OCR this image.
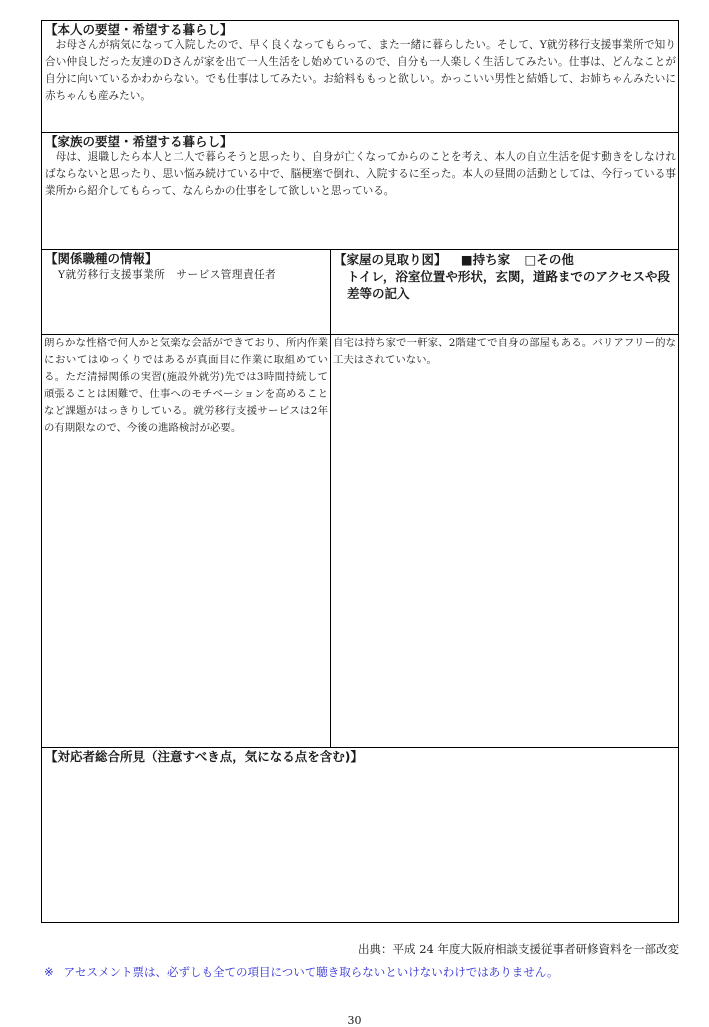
【本人の要望・希望する暮らし】
お母さんが病気になって入院したので、早く良くなってもらって、また一緒に暮らしたい。そして、Y就労移行支援事業所で知り合い仲良しだった友達のDさんが家を出て一人生活をし始めているので、自分も一人楽しく生活してみたい。仕事は、どんなことが自分に向いているかわからない。でも仕事はしてみたい。お給料ももっと欲しい。かっこいい男性と結婚して、お姉ちゃんみたいに赤ちゃんも産みたい。
【家族の要望・希望する暮らし】
母は、退職したら本人と二人で暮らそうと思ったり、自身が亡くなってからのことを考え、本人の自立生活を促す動きをしなければならないと思ったり、思い悩み続けている中で、脳梗塞で倒れ、入院するに至った。本人の昼間の活動としては、今行っている事業所から紹介してもらって、なんらかの仕事をして欲しいと思っている。
【関係職種の情報】
Y就労移行支援事業所　サービス管理責任者
【家屋の見取り図】 ■持ち家 □その他
トイレ，浴室位置や形状，玄関，道路までのアクセスや段差等の記入
朗らかな性格で何人かと気楽な会話ができており、所内作業においてはゆっくりではあるが真面目に作業に取組めている。ただ清掃関係の実習(施設外就労)先では3時間持続して頑張ることは困難で、仕事へのモチベーションを高めることなど課題がはっきりしている。就労移行支援サービスは2年の有期限なので、今後の進路検討が必要。
自宅は持ち家で一軒家、2階建てで自身の部屋もある。バリアフリー的な工夫はされていない。
【対応者総合所見（注意すべき点，気になる点を含む)】
出典：平成 24 年度大阪府相談支援従事者研修資料を一部改変
※ アセスメント票は、必ずしも全ての項目について聴き取らないといけないわけではありません。
30
